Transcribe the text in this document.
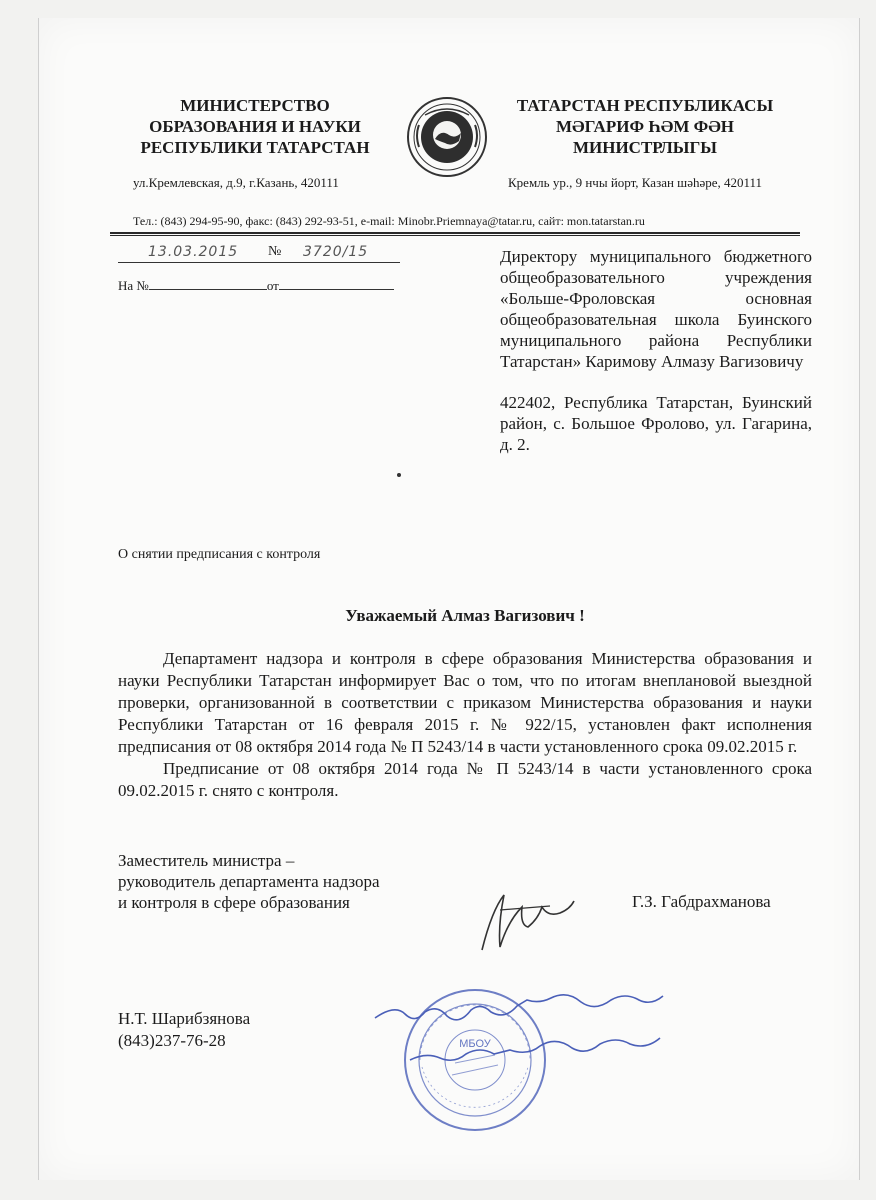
МИНИСТЕРСТВО
ОБРАЗОВАНИЯ И НАУКИ
РЕСПУБЛИКИ ТАТАРСТАН
ТАТАРСТАН РЕСПУБЛИКАСЫ
МӘГАРИФ ҺӘМ ФӘН
МИНИСТРЛЫГЫ
ул.Кремлевская, д.9, г.Казань, 420111	Кремль ур., 9 нчы йорт, Казан шәһәре, 420111
Тел.: (843) 294-95-90, факс: (843) 292-93-51, e-mail: Minobr.Priemnaya@tatar.ru, сайт: mon.tatarstan.ru
13.03.2015 № 3720/15
На №	от

Директору муниципального бюджетного общеобразовательного учреждения «Больше-Фроловская основная общеобразовательная школа Буинского муниципального района Республики Татарстан» Каримову Алмазу Вагизовичу

422402, Республика Татарстан, Буинский район, с. Большое Фролово, ул. Гагарина, д. 2.

О снятии предписания с контроля
Уважаемый Алмаз Вагизович !

Департамент надзора и контроля в сфере образования Министерства образования и науки Республики Татарстан информирует Вас о том, что по итогам внеплановой выездной проверки, организованной в соответствии с приказом Министерства образования и науки Республики Татарстан от 16 февраля 2015 г. № 922/15, установлен факт исполнения предписания от 08 октября 2014 года № П 5243/14 в части установленного срока 09.02.2015 г.

Предписание от 08 октября 2014 года № П 5243/14 в части установленного срока 09.02.2015 г. снято с контроля.

Заместитель министра –
руководитель департамента надзора
и контроля в сфере образования	Г.З. Габдрахманова
Н.Т. Шарибзянова
(843)237-76-28	МБОУ
